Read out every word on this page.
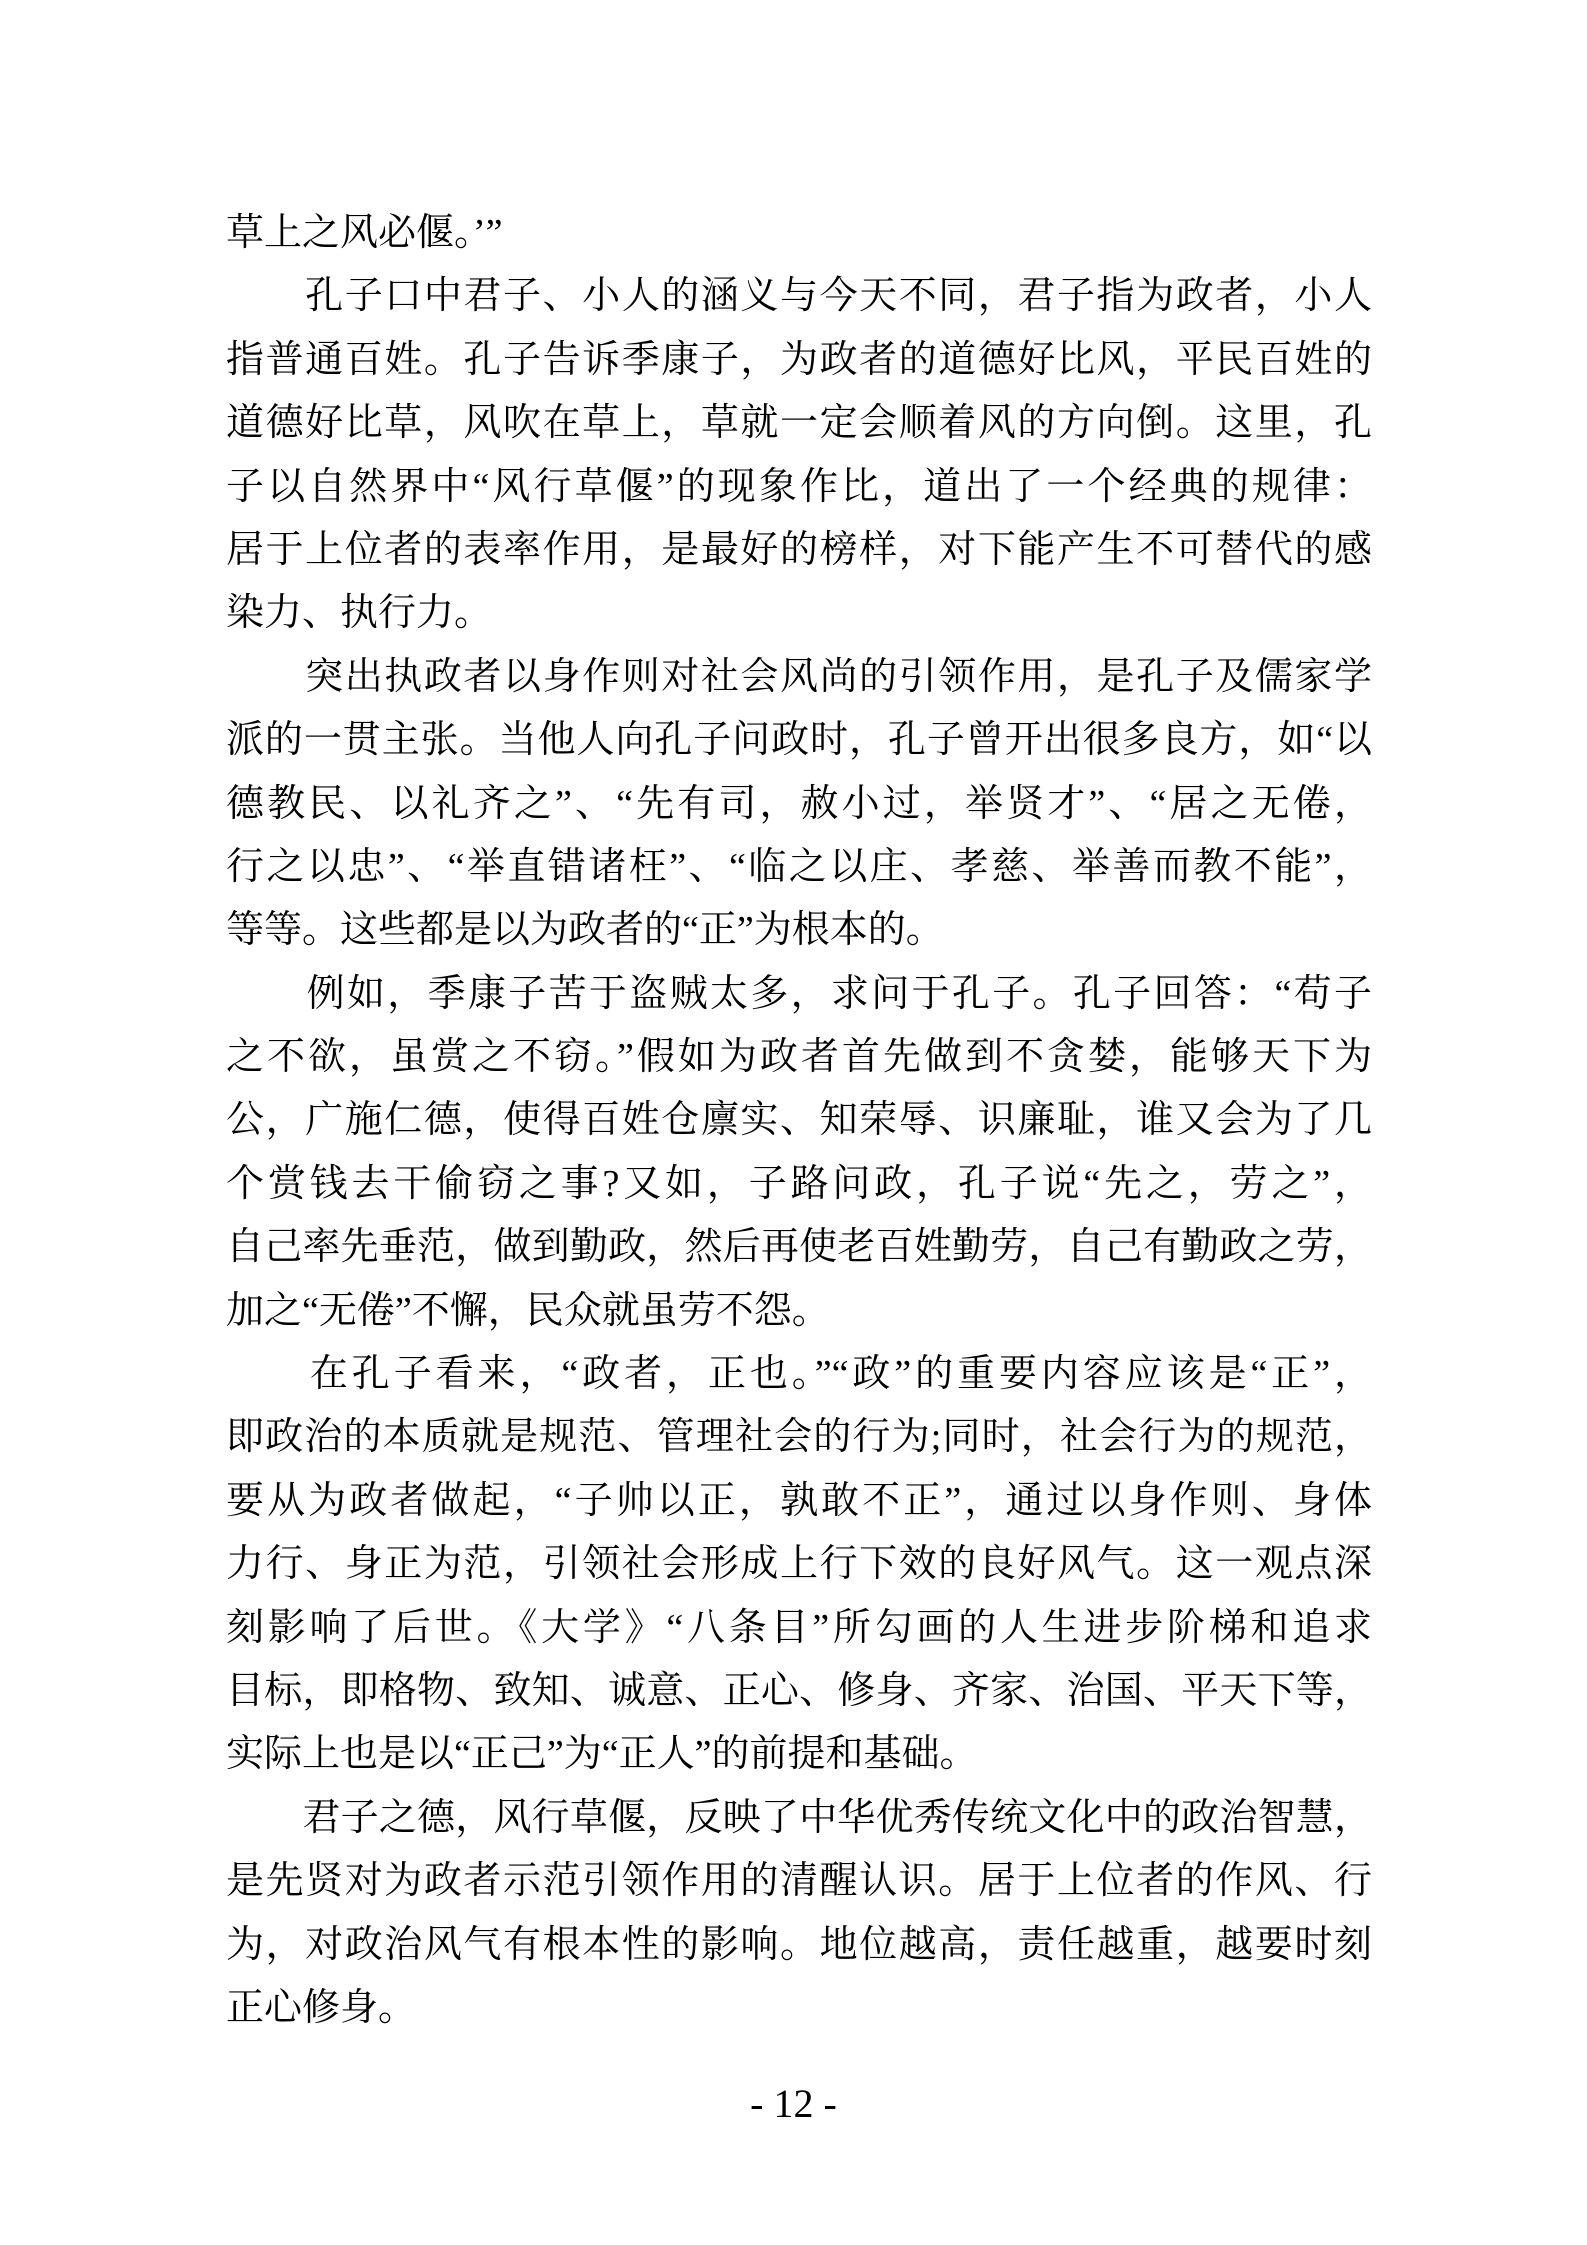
草上之风必偃。’”
　　孔子口中君子、小人的涵义与今天不同，君子指为政者，小人
指普通百姓。孔子告诉季康子，为政者的道德好比风，平民百姓的
道德好比草，风吹在草上，草就一定会顺着风的方向倒。这里，孔
子以自然界中“风行草偃”的现象作比，道出了一个经典的规律：
居于上位者的表率作用，是最好的榜样，对下能产生不可替代的感
染力、执行力。
　　突出执政者以身作则对社会风尚的引领作用，是孔子及儒家学
派的一贯主张。当他人向孔子问政时，孔子曾开出很多良方，如“以
德教民、以礼齐之”、“先有司，赦小过，举贤才”、“居之无倦，
行之以忠”、“举直错诸枉”、“临之以庄、孝慈、举善而教不能”，
等等。这些都是以为政者的“正”为根本的。
　　例如，季康子苦于盗贼太多，求问于孔子。孔子回答：“苟子
之不欲，虽赏之不窃。”假如为政者首先做到不贪婪，能够天下为
公，广施仁德，使得百姓仓廪实、知荣辱、识廉耻，谁又会为了几
个赏钱去干偷窃之事?又如，子路问政，孔子说“先之，劳之”，
自己率先垂范，做到勤政，然后再使老百姓勤劳，自己有勤政之劳，
加之“无倦”不懈，民众就虽劳不怨。
　　在孔子看来，“政者，正也。”“政”的重要内容应该是“正”，
即政治的本质就是规范、管理社会的行为;同时，社会行为的规范，
要从为政者做起，“子帅以正，孰敢不正”，通过以身作则、身体
力行、身正为范，引领社会形成上行下效的良好风气。这一观点深
刻影响了后世。《大学》“八条目”所勾画的人生进步阶梯和追求
目标，即格物、致知、诚意、正心、修身、齐家、治国、平天下等，
实际上也是以“正己”为“正人”的前提和基础。
　　君子之德，风行草偃，反映了中华优秀传统文化中的政治智慧，
是先贤对为政者示范引领作用的清醒认识。居于上位者的作风、行
为，对政治风气有根本性的影响。地位越高，责任越重，越要时刻
正心修身。
- 12 -
